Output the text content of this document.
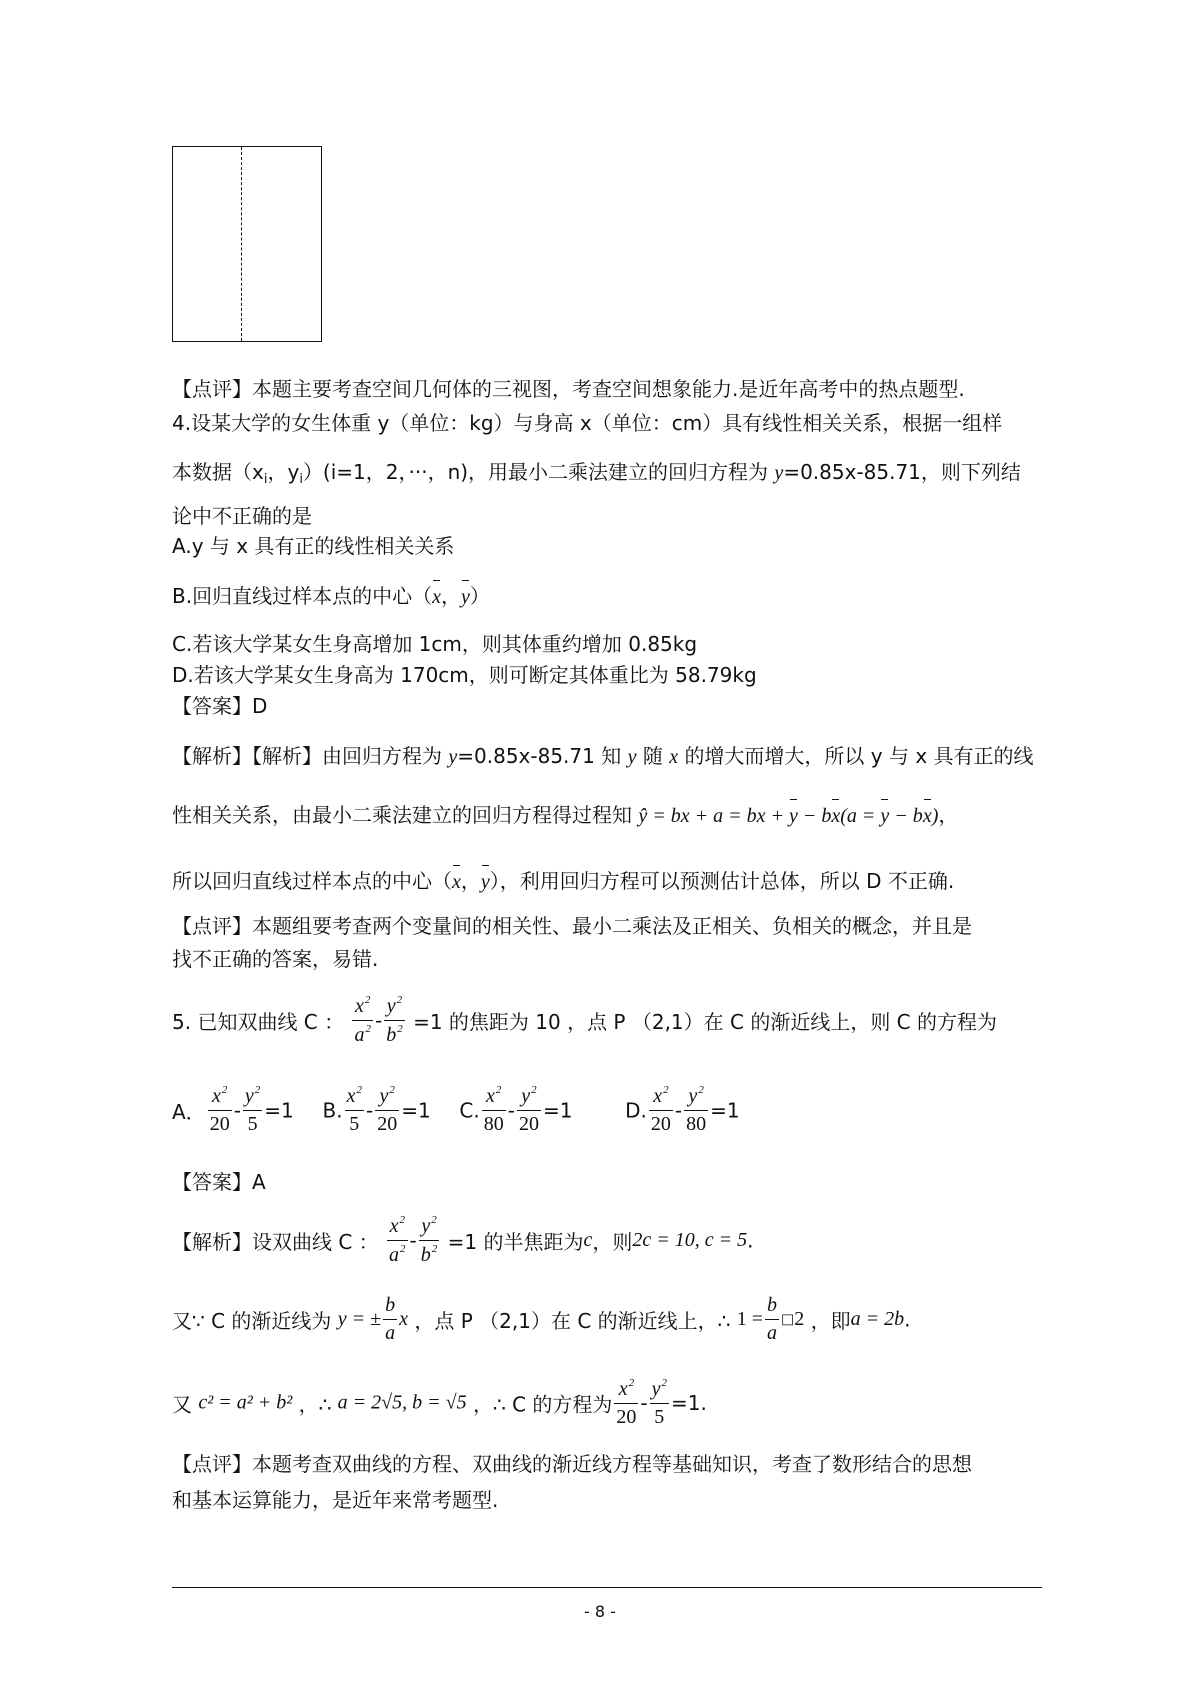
【点评】本题主要考查空间几何体的三视图，考查空间想象能力.是近年高考中的热点题型.
4.设某大学的女生体重 y（单位：kg）与身高 x（单位：cm）具有线性相关关系，根据一组样
本数据（$x_i$，$y_i)(i=1$，2，···，n)，用最小二乘法建立的回归方程为 y=0.85x-85.71，则下列结
论中不正确的是
A.y 与 x 具有正的线性相关关系
B.回归直线过样本点的中心（x，y）
C.若该大学某女生身高增加 1cm，则其体重约增加 0.85kg
D.若该大学某女生身高为 170cm，则可断定其体重比为 58.79kg
【答案】D
【解析】【解析】由回归方程为 y=0.85x-85.71 知 y 随 x 的增大而增大，所以 y 与 x 具有正的线
性相关关系，由最小二乘法建立的回归方程得过程知 ŷ = bx + a = bx + y − bx(a = y − bx)，
所以回归直线过样本点的中心（x，y），利用回归方程可以预测估计总体，所以 D 不正确.
【点评】本题组要考查两个变量间的相关性、最小二乘法及正相关、负相关的概念，并且是
找不正确的答案，易错.
5. 已知双曲线 C ： $\frac{x^2}{a^2} - \frac{y^2}{b^2} =1$ 的焦距为 10 ，点 P （2,1）在 C 的渐近线上，则 C 的方程为
A． $\frac{x^2}{20} - \frac{y^2}{5} =1$ B. $\frac{x^2}{5} - \frac{y^2}{20} =1$ C. $\frac{x^2}{80} - \frac{y^2}{20} =1$	D. $\frac{x^2}{20} - \frac{y^2}{80} =1$
【答案】A
【解析】设双曲线 C ： $\frac{x^2}{a^2} - \frac{y^2}{b^2} =1$ 的半焦距为c，则2c = 10, c = 5.
又∵ C 的渐近线为 y = ± $\frac{b}{a}$ x ，点 P （2,1）在 C 的渐近线上，∴ $1 = \frac{b}{a}$ □2 ，即a = 2b.
又 c² = a² + b² ，∴ a = 2√5, b = √5 ，∴ C 的方程为 $\frac{x^2}{20} - \frac{y^2}{5} =1$.
【点评】本题考查双曲线的方程、双曲线的渐近线方程等基础知识，考查了数形结合的思想
和基本运算能力，是近年来常考题型.
- 8 -
